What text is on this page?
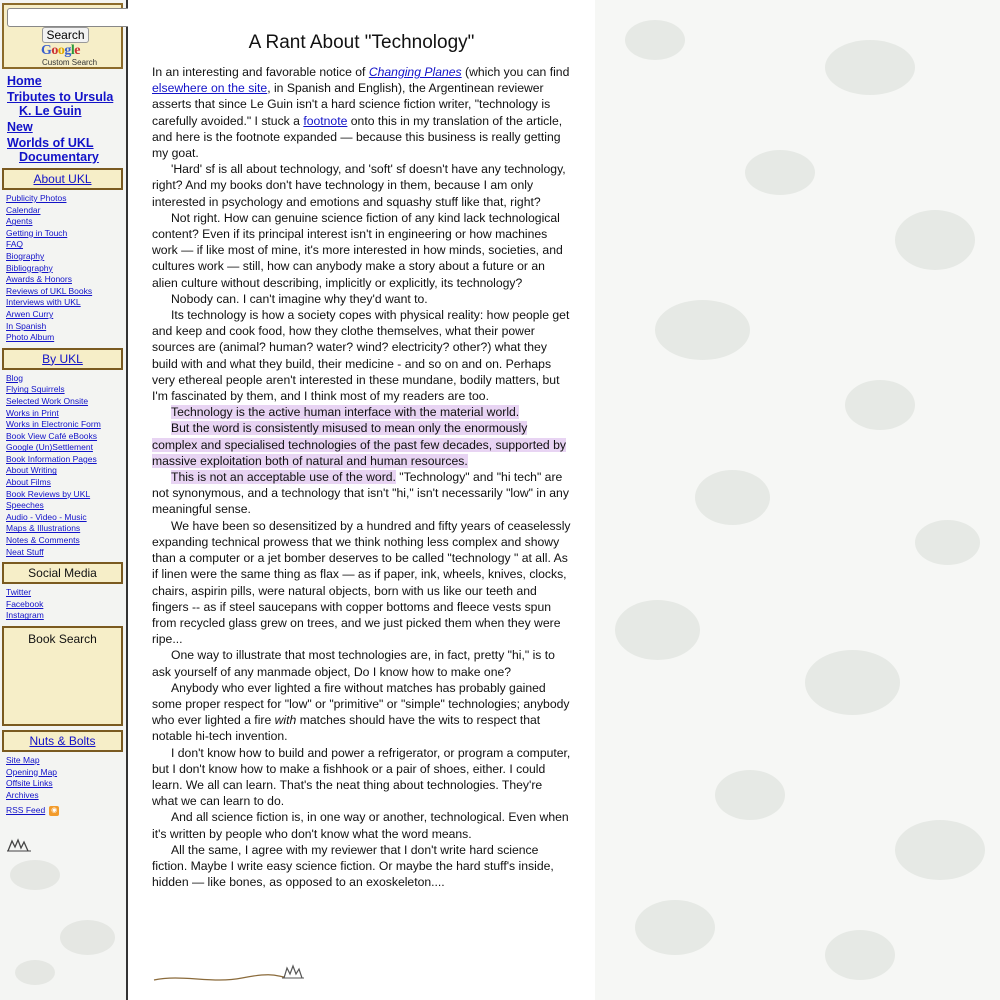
Search
Google
Custom Search
Home
Tributes to Ursula
K. Le Guin
New
Worlds of UKL
Documentary
About UKL
Publicity Photos
Calendar
Agents
Getting in Touch
FAQ
Biography
Bibliography
Awards & Honors
Reviews of UKL Books
Interviews with UKL
Arwen Curry
In Spanish
Photo Album
By UKL
Blog
Flying Squirrels
Selected Work Onsite
Works in Print
Works in Electronic Form
Book View Café eBooks
Google (Un)Settlement
Book Information Pages
About Writing
About Films
Book Reviews by UKL
Speeches
Audio - Video - Music
Maps & Illustrations
Notes & Comments
Neat Stuff
Social Media
Twitter
Facebook
Instagram
Book Search
Nuts & Bolts
Site Map
Opening Map
Offsite Links
Archives
RSS Feed ◉
A Rant About "Technology"

In an interesting and favorable notice of Changing Planes (which you can find elsewhere on the site, in Spanish and English), the Argentinean reviewer asserts that since Le Guin isn't a hard science fiction writer, "technology is carefully avoided." I stuck a footnote onto this in my translation of the article, and here is the footnote expanded — because this business is really getting my goat.

'Hard' sf is all about technology, and 'soft' sf doesn't have any technology, right? And my books don't have technology in them, because I am only interested in psychology and emotions and squashy stuff like that, right?

Not right. How can genuine science fiction of any kind lack technological content? Even if its principal interest isn't in engineering or how machines work — if like most of mine, it's more interested in how minds, societies, and cultures work — still, how can anybody make a story about a future or an alien culture without describing, implicitly or explicitly, its technology?

Nobody can. I can't imagine why they'd want to.

Its technology is how a society copes with physical reality: how people get and keep and cook food, how they clothe themselves, what their power sources are (animal? human? water? wind? electricity? other?) what they build with and what they build, their medicine - and so on and on. Perhaps very ethereal people aren't interested in these mundane, bodily matters, but I'm fascinated by them, and I think most of my readers are too.

Technology is the active human interface with the material world.

But the word is consistently misused to mean only the enormously complex and specialised technologies of the past few decades, supported by massive exploitation both of natural and human resources.

This is not an acceptable use of the word. "Technology" and "hi tech" are not synonymous, and a technology that isn't "hi," isn't necessarily "low" in any meaningful sense.

We have been so desensitized by a hundred and fifty years of ceaselessly expanding technical prowess that we think nothing less complex and showy than a computer or a jet bomber deserves to be called "technology " at all. As if linen were the same thing as flax — as if paper, ink, wheels, knives, clocks, chairs, aspirin pills, were natural objects, born with us like our teeth and fingers -- as if steel saucepans with copper bottoms and fleece vests spun from recycled glass grew on trees, and we just picked them when they were ripe...

One way to illustrate that most technologies are, in fact, pretty "hi," is to ask yourself of any manmade object, Do I know how to make one?

Anybody who ever lighted a fire without matches has probably gained some proper respect for "low" or "primitive" or "simple" technologies; anybody who ever lighted a fire with matches should have the wits to respect that notable hi-tech invention.

I don't know how to build and power a refrigerator, or program a computer, but I don't know how to make a fishhook or a pair of shoes, either. I could learn. We all can learn. That's the neat thing about technologies. They're what we can learn to do.

And all science fiction is, in one way or another, technological. Even when it's written by people who don't know what the word means.

All the same, I agree with my reviewer that I don't write hard science fiction. Maybe I write easy science fiction. Or maybe the hard stuff's inside, hidden — like bones, as opposed to an exoskeleton....
